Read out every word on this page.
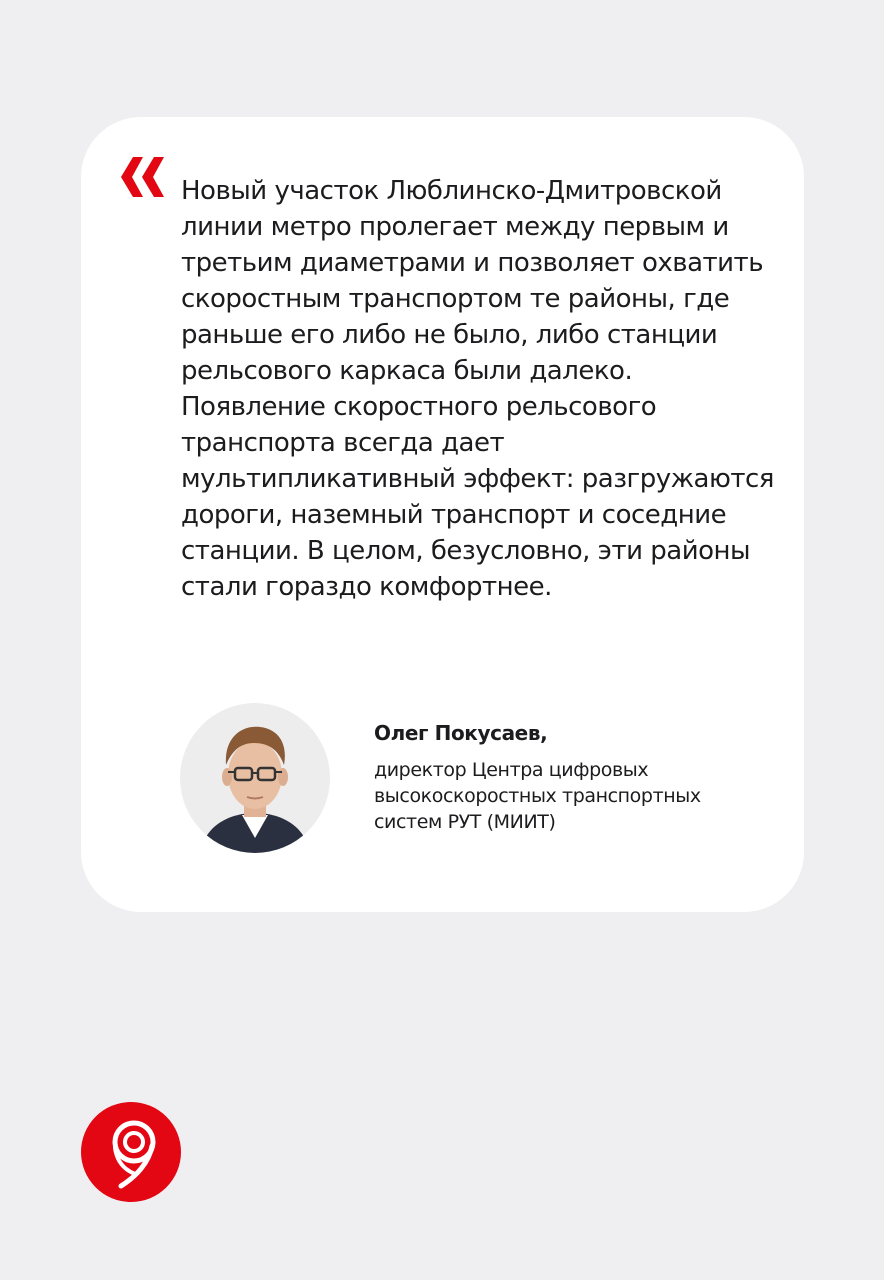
Новый участок Люблинско-Дмитровской линии метро пролегает между первым и третьим диаметрами и позволяет охватить скоростным транспортом те районы, где раньше его либо не было, либо станции рельсового каркаса были далеко. Появление скоростного рельсового транспорта всегда дает мультипликативный эффект: разгружаются дороги, наземный транспорт и соседние станции. В целом, безусловно, эти районы стали гораздо комфортнее.

Олег Покусаев,

директор Центра цифровых высокоскоростных транспортных систем РУТ (МИИТ)
